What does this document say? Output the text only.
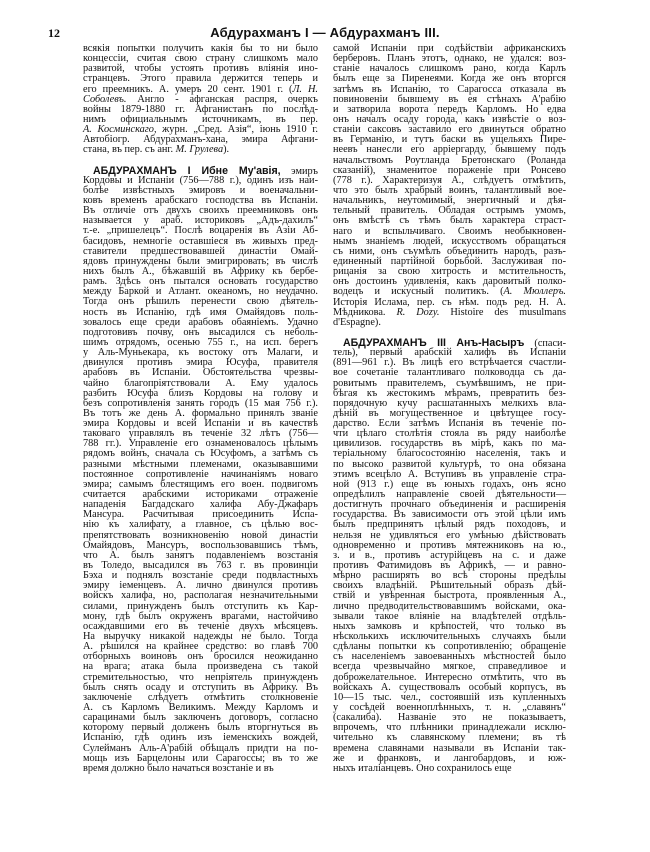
12	Абдурахманъ I — Абдурахманъ III.
всякія попытки получить какія бы то ни было
концессіи, считая свою страну слишкомъ мало
развитой, чтобы устоять противъ вліянія ино-
странцевъ. Этого правила держится теперь и
его преемникъ. А. умеръ 20 сент. 1901 г. (Л. Н.
Соболевъ. Англо - афганская распря, очеркъ
войны 1879-1880 гг. Афганистанъ по послѣд-
нимъ официальнымъ источникамъ, въ пер.
А. Косминскаго, журн. „Сред. Азія“, іюнь 1910 г.
Автобіогр. Абдурахманъ-хана, эмира Афгани-
стана, въ пер. съ анг. М. Грулева).
АБДУРАХМАНЪ I Ибне Му'авія, эмиръ
Кордовы и Испаніи (756—788 г.), одинъ изъ наи-
болѣе извѣстныхъ эмировъ и военачальни-
ковъ временъ арабскаго господства въ Испаніи.
Въ отличіе отъ двухъ своихъ преемниковъ онъ
называется у араб. историковъ „Адъ-дахилъ“
т.-е. „пришелецъ“. Послѣ воцаренія въ Азіи Аб-
басидовъ, немногіе оставшіеся въ живыхъ пред-
ставители предшествовавшей династіи Омай-
ядовъ принуждены были эмигрировать; въ числѣ
нихъ былъ А., бѣжавшій въ Африку къ бербе-
рамъ. Здѣсь онъ пытался основать государство
между Баркой и Атлант. океаномъ, но неудачно.
Тогда онъ рѣшилъ перенести свою дѣятель-
ность въ Испанію, гдѣ имя Омайядовъ поль-
зовалось еще среди арабовъ обаяніемъ. Удачно
подготовивъ почву, онъ высадился съ неболь-
шимъ отрядомъ, осенью 755 г., на исп. берегъ
у Аль-Муньекара, къ востоку отъ Малаги, и
двинулся противъ эмира Юсуфа, правителя
арабовъ въ Испаніи. Обстоятельства чрезвы-
чайно благопріятствовали А. Ему удалось
разбить Юсуфа близъ Кордовы на голову и
безъ сопротивленія занять городъ (15 мая 756 г.).
Въ тотъ же день А. формально принялъ званіе
эмира Кордовы и всей Испаніи и въ качествѣ
таковаго управлялъ въ теченіе 32 лѣтъ (756—
788 гг.). Управленіе его ознаменовалось цѣлымъ
рядомъ войнъ, сначала съ Юсуфомъ, а затѣмъ съ
разными мѣстными племенами, оказывавшими
постоянное сопротивленіе начинаніямъ новаго
эмира; самымъ блестящимъ его воен. подвигомъ
считается арабскими историками отраженіе
нападенія Багдадскаго халифа Абу-Джафаръ
Мансура. Расчитывая присоединить Испа-
нію къ халифату, а главное, съ цѣлью вос-
препятствовать возникновенію новой династіи
Омайядовъ, Мансуръ, воспользовавшись тѣмъ,
что А. былъ занятъ подавленіемъ возстанія
въ Толедо, высадился въ 763 г. въ провинціи
Бэха и поднялъ возстаніе среди подвластныхъ
эмиру іеменцевъ. А. лично двинулся противъ
войскъ халифа, но, располагая незначительными
силами, принужденъ былъ отступить къ Кар-
мону, гдѣ былъ окруженъ врагами, настойчиво
осаждавшими его въ теченіе двухъ мѣсяцевъ.
На выручку никакой надежды не было. Тогда
А. рѣшился на крайнее средство: во главѣ 700
отборныхъ воиновъ онъ бросился неожиданно
на врага; атака была произведена съ такой
стремительностью, что непріятель принужденъ
былъ снять осаду и отступить въ Африку. Въ
заключеніе слѣдуетъ отмѣтить столкновеніе
А. съ Карломъ Великимъ. Между Карломъ и
сарацинами былъ заключенъ договоръ, согласно
которому первый долженъ былъ вторгнуться въ
Испанію, гдѣ одинъ изъ іеменскихъ вождей,
Сулейманъ Аль-А'рабій обѣщалъ придти на по-
мощь изъ Барцелоны или Сарагоссы; въ то же
время должно было начаться возстаніе и въ
самой Испаніи при содѣйствіи африканскихъ
берберовъ. Планъ этотъ, однако, не удался: воз-
станіе началось слишкомъ рано, когда Карлъ
былъ еще за Пиренеями. Когда же онъ вторгся
затѣмъ въ Испанію, то Сарагосса отказала въ
повиновеніи бывшему въ ея стѣнахъ А'рабію
и затворила ворота передъ Карломъ. Но едва
онъ началъ осаду города, какъ извѣстіе о воз-
станіи саксовъ заставило его двинуться обратно
въ Германію, и тутъ баски въ ущельяхъ Пире-
неевъ нанесли его аррiергарду, бывшему подъ
начальствомъ Роутланда Бретонскаго (Роланда
сказаній), знаменитое пораженіе при Ронсево
(778 г.). Характеризуя А., слѣдуетъ отмѣтить,
что это былъ храбрый воинъ, талантливый вое-
начальникъ, неутомимый, энергичный и дѣя-
тельный правитель. Обладая острымъ умомъ,
онъ вмѣстѣ съ тѣмъ былъ характера страст-
наго и вспыльчиваго. Своимъ необыкновен-
нымъ знаніемъ людей, искусствомъ обращаться
съ ними, онъ съумѣлъ объединить народъ, разъ-
единенный партійной борьбой. Заслуживая по-
рицанія за свою хитрость и мстительность,
онъ достоинъ удивленія, какъ даровитый полко-
водецъ и искусный политикъ. (А. Мюллеръ.
Исторія Ислама, пер. съ нѣм. подъ ред. Н. А.
Мѣдникова. R. Dozy. Histoire des musulmans
d'Espagne).
АБДУРАХМАНЪ III Анъ-Насыръ (спаси-
тель), первый арабскій халифъ въ Испаніи
(891—961 г.). Въ лицѣ его встрѣчается счастли-
вое сочетаніе талантливаго полководца съ да-
ровитымъ правителемъ, съумѣвшимъ, не при-
бѣгая къ жестокимъ мѣрамъ, превратить без-
порядочную кучу расшатанныхъ мелкихъ вла-
дѣній въ могущественное и цвѣтущее госу-
дарство. Если затѣмъ Испанія въ теченіе по-
чти цѣлаго столѣтія стояла въ ряду наиболѣе
цивилизов. государствъ въ мірѣ, какъ по ма-
теріальному благосостоянію населенія, такъ и
по высоко развитой культурѣ, то она обязана
этимъ всецѣло А. Вступивъ въ управленіе стра-
ной (913 г.) еще въ юныхъ годахъ, онъ ясно
опредѣлилъ направленіе своей дѣятельности—
достигнуть прочнаго объединенія и расширенія
государства. Въ зависимости отъ этой цѣли имъ
былъ предпринятъ цѣлый рядъ походовъ, и
нельзя не удивляться его умѣнью дѣйствовать
одновременно и противъ мятежниковъ на ю.,
з. и в., противъ астурійцевъ на с. и даже
противъ Фатимидовъ въ Африкѣ, — и равно-
мѣрно расширять во всѣ стороны предѣлы
своихъ владѣній. Рѣшительный образъ дѣй-
ствій и увѣренная быстрота, проявленныя А.,
лично предводительствовавшимъ войсками, ока-
зывали такое вліяніе на владѣтелей отдѣль-
ныхъ замковъ и крѣпостей, что только въ
нѣсколькихъ исключительныхъ случаяхъ были
сдѣланы попытки къ сопротивленію; обращеніе
съ населеніемъ завоеванныхъ мѣстностей было
всегда чрезвычайно мягкое, справедливое и
доброжелательное. Интересно отмѣтить, что въ
войскахъ А. существовалъ особый корпусъ, въ
10—15 тыс. чел., состоявшій изъ купленныхъ
у сосѣдей военноплѣнныхъ, т. н. „славянъ“
(сакалиба). Названіе это не показываетъ,
впрочемъ, что плѣнники принадлежали исклю-
чительно къ славянскому племени; въ тѣ
времена славянами называли въ Испаніи так-
же и франковъ, и лангобардовъ, и юж-
ныхъ италіанцевъ. Оно сохранилось еще
